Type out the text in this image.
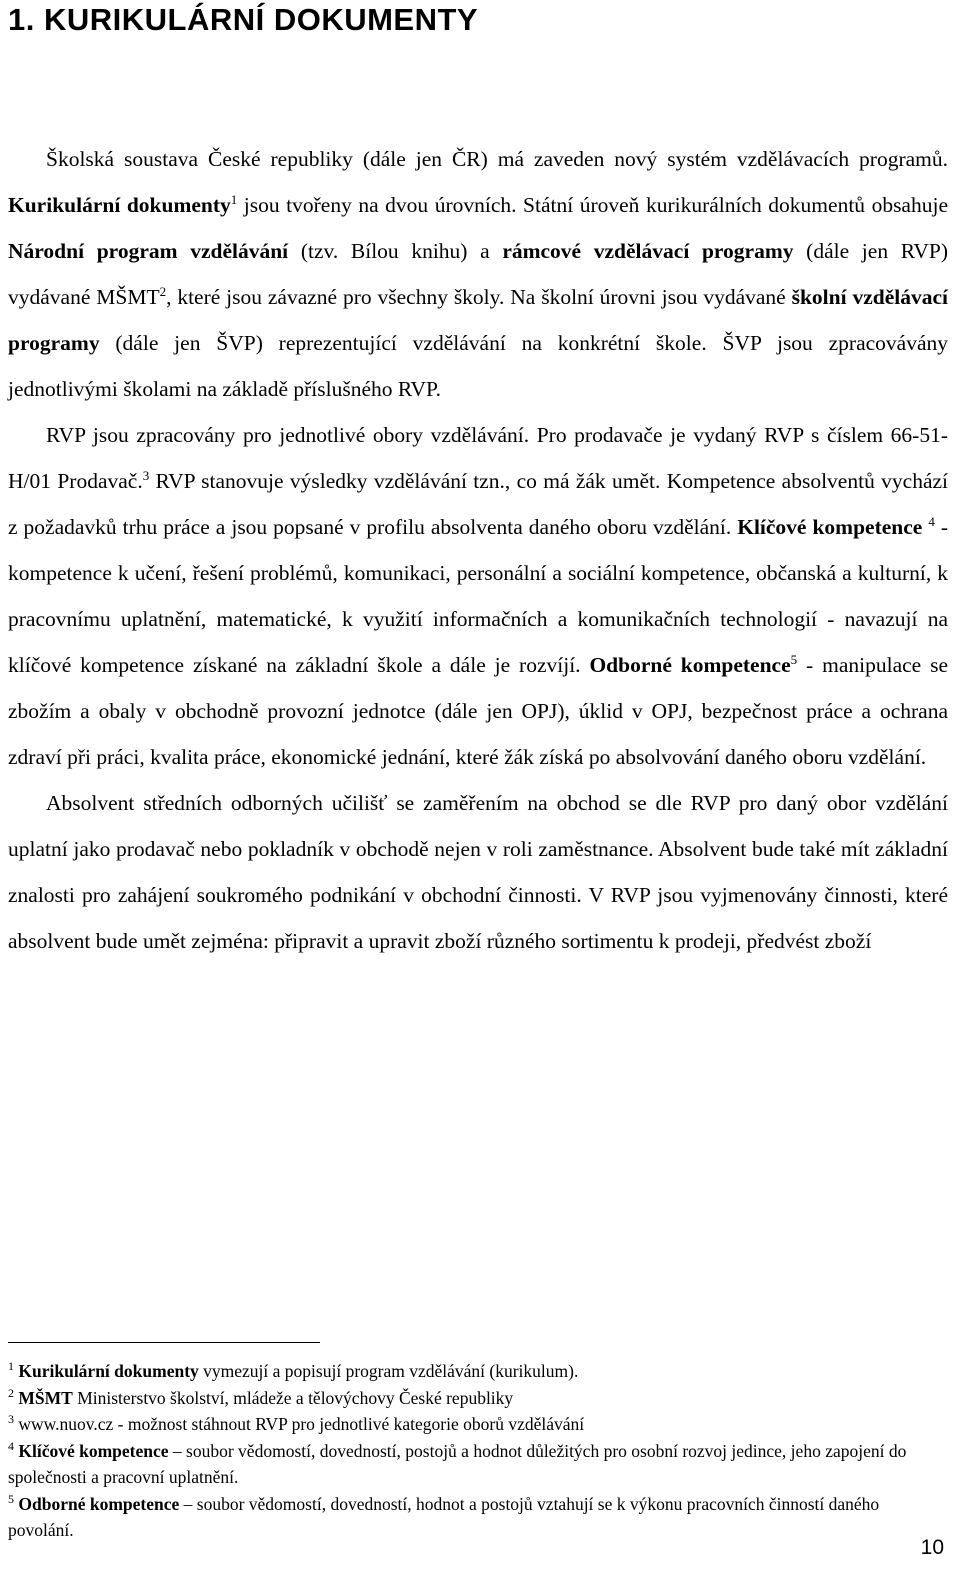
1. KURIKULÁRNÍ DOKUMENTY

Školská soustava České republiky (dále jen ČR) má zaveden nový systém vzdělávacích programů. Kurikulární dokumenty$^1$ jsou tvořeny na dvou úrovních. Státní úroveň kurikurálních dokumentů obsahuje Národní program vzdělávání (tzv. Bílou knihu) a rámcové vzdělávací programy (dále jen RVP) vydávané MŠMT$^2$, které jsou závazné pro všechny školy. Na školní úrovni jsou vydávané školní vzdělávací programy (dále jen ŠVP) reprezentující vzdělávání na konkrétní škole. ŠVP jsou zpracovávány jednotlivými školami na základě příslušného RVP.

RVP jsou zpracovány pro jednotlivé obory vzdělávání. Pro prodavače je vydaný RVP s číslem 66-51-H/01 Prodavač.$^3$ RVP stanovuje výsledky vzdělávání tzn., co má žák umět. Kompetence absolventů vychází z požadavků trhu práce a jsou popsané v profilu absolventa daného oboru vzdělání. Klíčové kompetence $^4$ - kompetence k učení, řešení problémů, komunikaci, personální a sociální kompetence, občanská a kulturní, k pracovnímu uplatnění, matematické, k využití informačních a komunikačních technologií - navazují na klíčové kompetence získané na základní škole a dále je rozvíjí. Odborné kompetence$^5$ - manipulace se zbožím a obaly v obchodně provozní jednotce (dále jen OPJ), úklid v OPJ, bezpečnost práce a ochrana zdraví při práci, kvalita práce, ekonomické jednání, které žák získá po absolvování daného oboru vzdělání.

Absolvent středních odborných učilišť se zaměřením na obchod se dle RVP pro daný obor vzdělání uplatní jako prodavač nebo pokladník v obchodě nejen v roli zaměstnance. Absolvent bude také mít základní znalosti pro zahájení soukromého podnikání v obchodní činnosti. V RVP jsou vyjmenovány činnosti, které absolvent bude umět zejména: připravit a upravit zboží různého sortimentu k prodeji, předvést zboží

$^1$ Kurikulární dokumenty vymezují a popisují program vzdělávání (kurikulum).

$^2$ MŠMT Ministerstvo školství, mládeže a tělovýchovy České republiky

$^3$ www.nuov.cz - možnost stáhnout RVP pro jednotlivé kategorie oborů vzdělávání

$^4$ Klíčové kompetence – soubor vědomostí, dovedností, postojů a hodnot důležitých pro osobní rozvoj jedince, jeho zapojení do společnosti a pracovní uplatnění.

$^5$ Odborné kompetence – soubor vědomostí, dovedností, hodnot a postojů vztahují se k výkonu pracovních činností daného povolání.

10
